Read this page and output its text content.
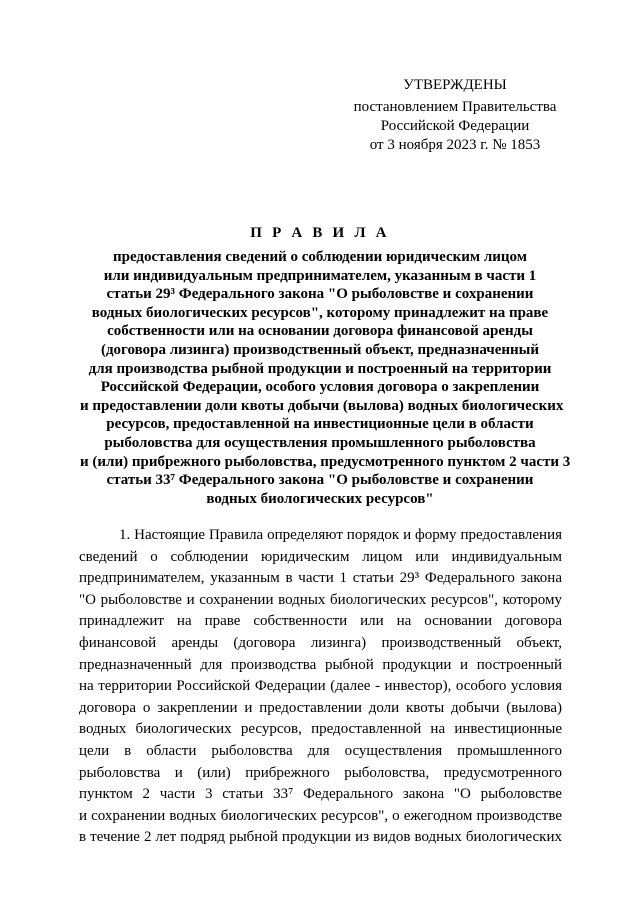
УТВЕРЖДЕНЫ
постановлением Правительства
Российской Федерации
от 3 ноября 2023 г. № 1853
П Р А В И Л А
предоставления сведений о соблюдении юридическим лицом
или индивидуальным предпринимателем, указанным в части 1
статьи 29³ Федерального закона "О рыболовстве и сохранении
водных биологических ресурсов", которому принадлежит на праве
собственности или на основании договора финансовой аренды
(договора лизинга) производственный объект, предназначенный
для производства рыбной продукции и построенный на территории
Российской Федерации, особого условия договора о закреплении
и предоставлении доли квоты добычи (вылова) водных биологических
ресурсов, предоставленной на инвестиционные цели в области
рыболовства для осуществления промышленного рыболовства
и (или) прибрежного рыболовства, предусмотренного пунктом 2 части 3
статьи 33⁷ Федерального закона "О рыболовстве и сохранении
водных биологических ресурсов"
1. Настоящие Правила определяют порядок и форму предоставления
сведений о соблюдении юридическим лицом или индивидуальным
предпринимателем, указанным в части 1 статьи 29³ Федерального закона
"О рыболовстве и сохранении водных биологических ресурсов", которому
принадлежит на праве собственности или на основании договора
финансовой аренды (договора лизинга) производственный объект,
предназначенный для производства рыбной продукции и построенный
на территории Российской Федерации (далее - инвестор), особого условия
договора о закреплении и предоставлении доли квоты добычи (вылова)
водных биологических ресурсов, предоставленной на инвестиционные
цели в области рыболовства для осуществления промышленного
рыболовства и (или) прибрежного рыболовства, предусмотренного
пунктом 2 части 3 статьи 33⁷ Федерального закона "О рыболовстве
и сохранении водных биологических ресурсов", о ежегодном производстве
в течение 2 лет подряд рыбной продукции из видов водных биологических
